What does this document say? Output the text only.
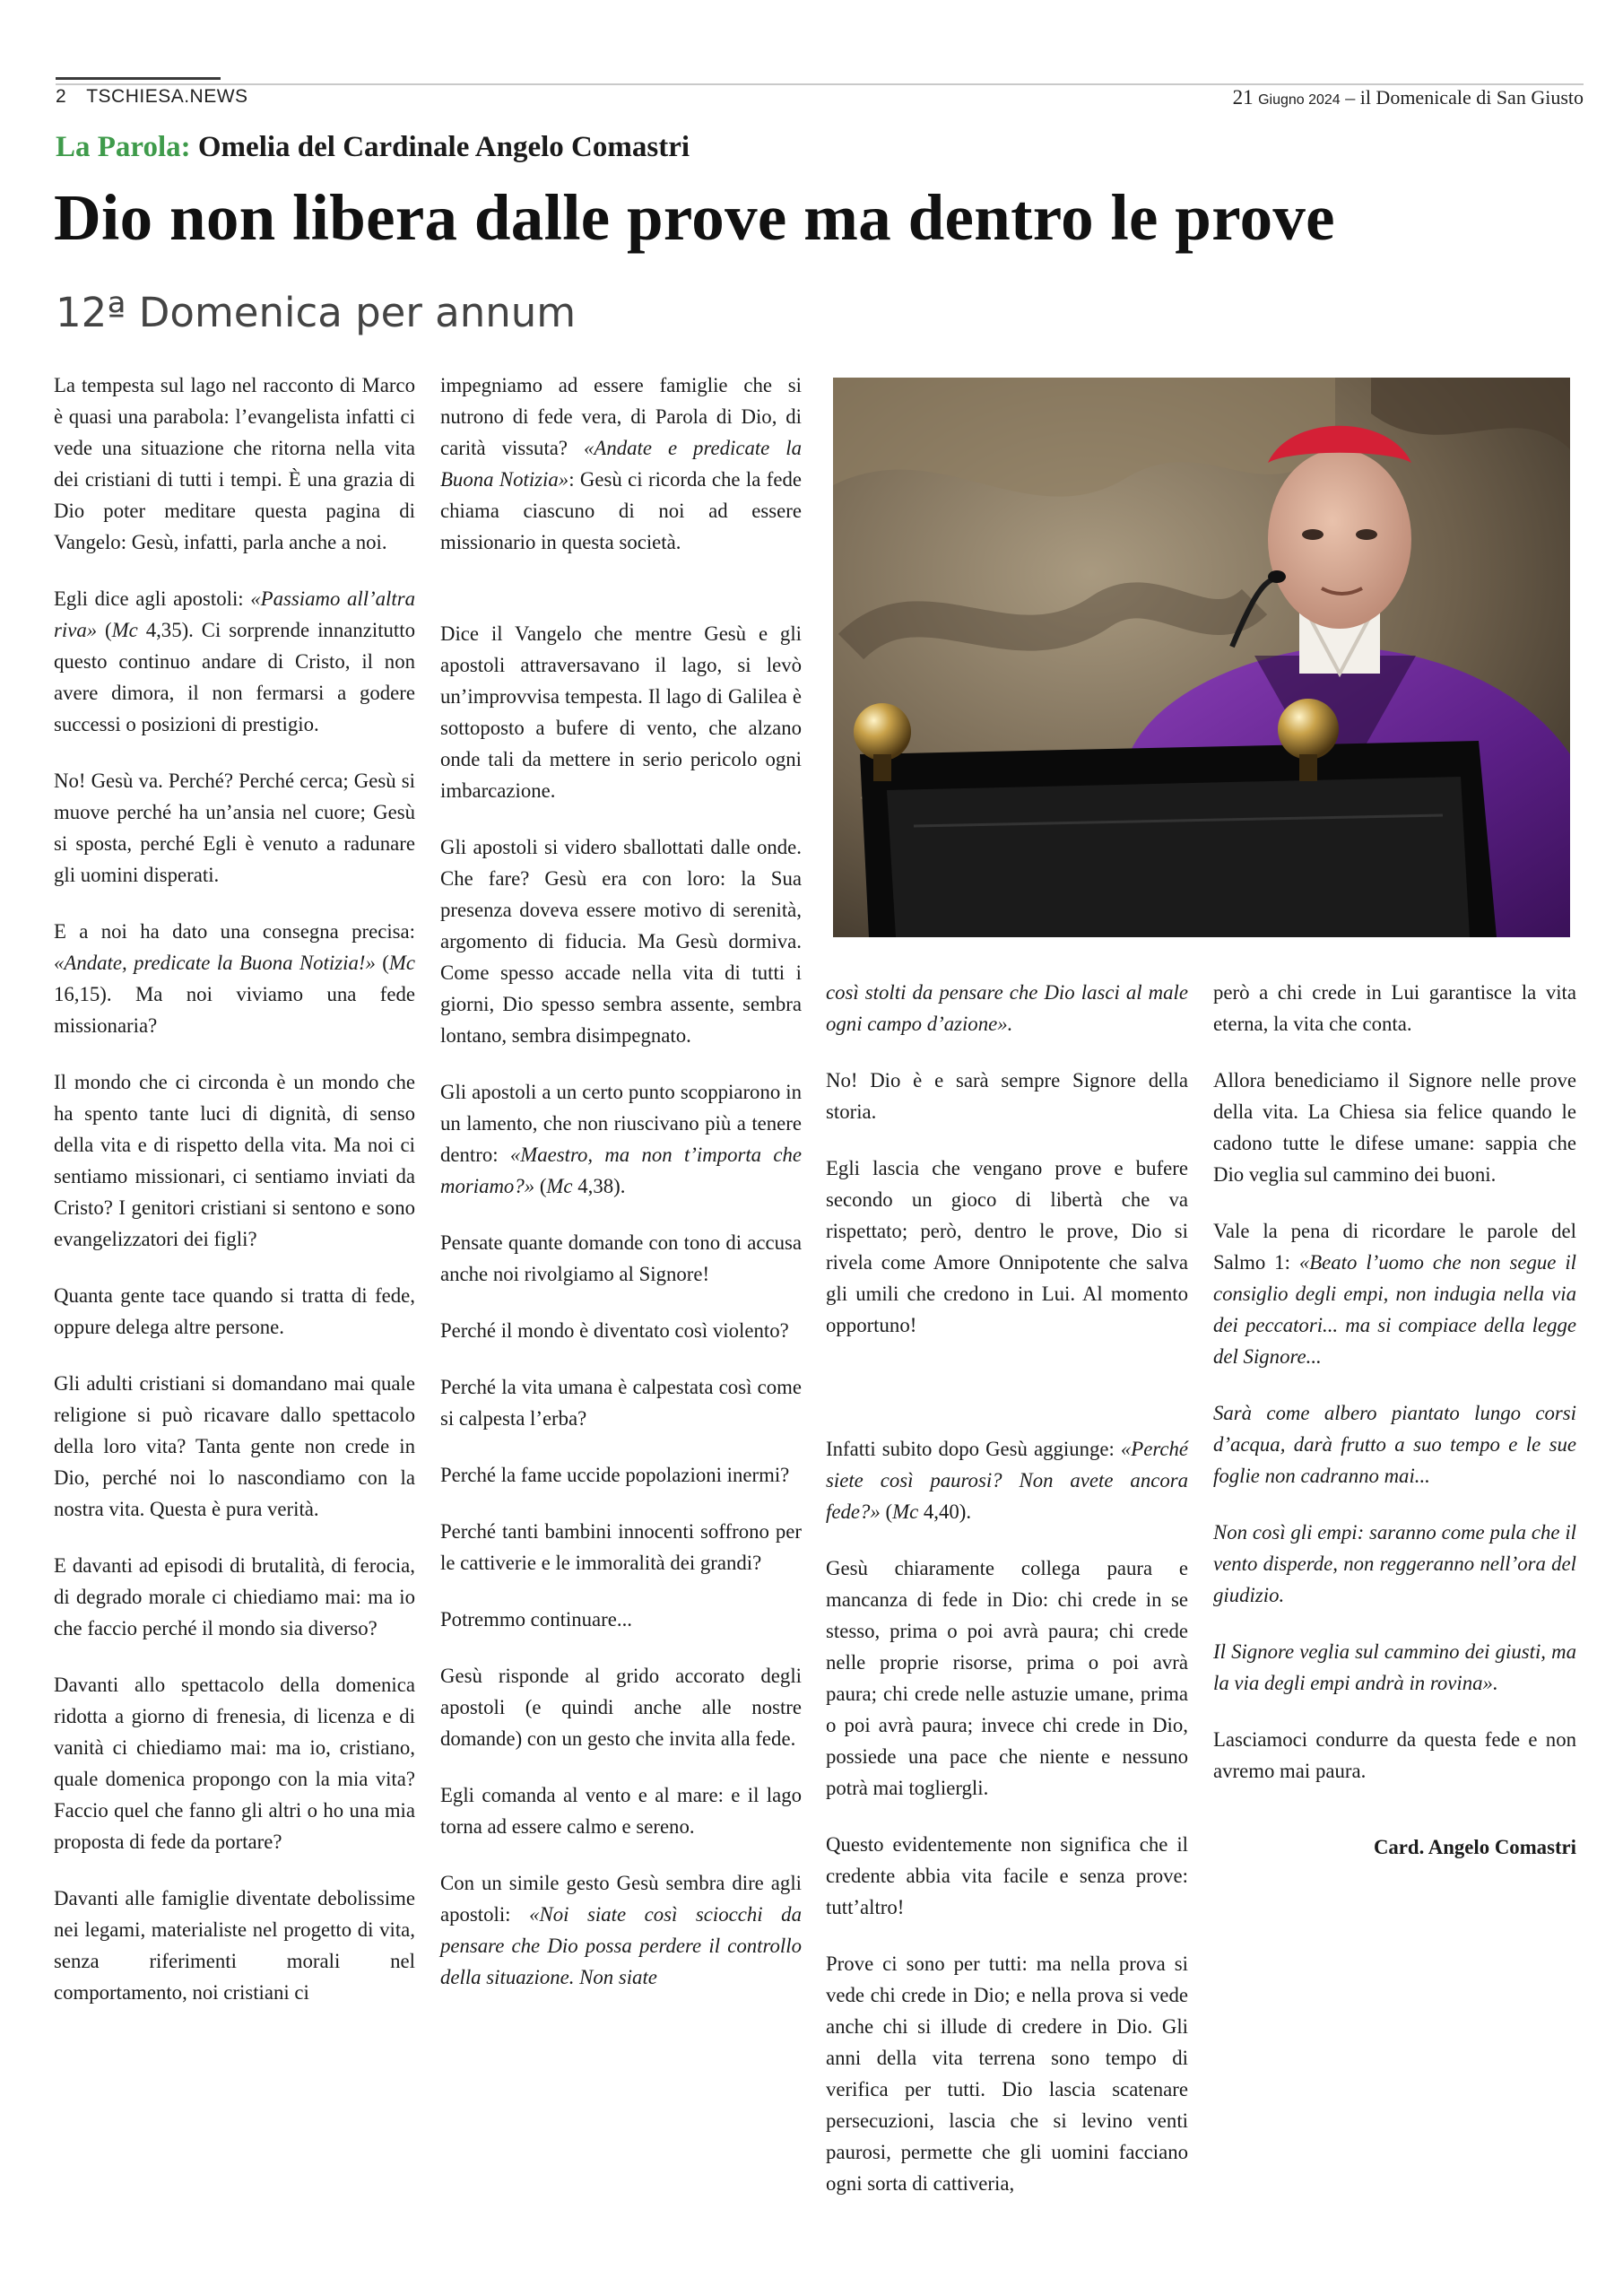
2 TSCHIESA.NEWS	21 Giugno 2024 – il Domenicale di San Giusto
La Parola: Omelia del Cardinale Angelo Comastri
Dio non libera dalle prove ma dentro le prove
12ª Domenica per annum

La tempesta sul lago nel racconto di Marco è quasi una parabola: l’evangelista infatti ci vede una situazione che ritorna nella vita dei cristiani di tutti i tempi. È una grazia di Dio poter meditare questa pagina di Vangelo: Gesù, infatti, parla anche a noi.

Egli dice agli apostoli: «Passiamo all’altra riva» (Mc 4,35). Ci sorprende innanzitutto questo continuo andare di Cristo, il non avere dimora, il non fermarsi a godere successi o posizioni di prestigio.

No! Gesù va. Perché? Perché cerca; Gesù si muove perché ha un’ansia nel cuore; Gesù si sposta, perché Egli è venuto a radunare gli uomini disperati.

E a noi ha dato una consegna precisa: «Andate, predicate la Buona Notizia!» (Mc 16,15). Ma noi viviamo una fede missionaria?

Il mondo che ci circonda è un mondo che ha spento tante luci di dignità, di senso della vita e di rispetto della vita. Ma noi ci sentiamo missionari, ci sentiamo inviati da Cristo? I genitori cristiani si sentono e sono evangelizzatori dei figli?

Quanta gente tace quando si tratta di fede, oppure delega altre persone.

Gli adulti cristiani si domandano mai quale religione si può ricavare dallo spettacolo della loro vita? Tanta gente non crede in Dio, perché noi lo nascondiamo con la nostra vita. Questa è pura verità.

E davanti ad episodi di brutalità, di ferocia, di degrado morale ci chiediamo mai: ma io che faccio perché il mondo sia diverso?

Davanti allo spettacolo della domenica ridotta a giorno di frenesia, di licenza e di vanità ci chiediamo mai: ma io, cristiano, quale domenica propongo con la mia vita? Faccio quel che fanno gli altri o ho una mia proposta di fede da portare?

Davanti alle famiglie diventate debolissime nei legami, materialiste nel progetto di vita, senza riferimenti morali nel comportamento, noi cristiani ci

impegniamo ad essere famiglie che si nutrono di fede vera, di Parola di Dio, di carità vissuta? «Andate e predicate la Buona Notizia»: Gesù ci ricorda che la fede chiama ciascuno di noi ad essere missionario in questa società.

Dice il Vangelo che mentre Gesù e gli apostoli attraversavano il lago, si levò un’improvvisa tempesta. Il lago di Galilea è sottoposto a bufere di vento, che alzano onde tali da mettere in serio pericolo ogni imbarcazione.

Gli apostoli si videro sballottati dalle onde. Che fare? Gesù era con loro: la Sua presenza doveva essere motivo di serenità, argomento di fiducia. Ma Gesù dormiva. Come spesso accade nella vita di tutti i giorni, Dio spesso sembra assente, sembra lontano, sembra disimpegnato.

Gli apostoli a un certo punto scoppiarono in un lamento, che non riuscivano più a tenere dentro: «Maestro, ma non t’importa che moriamo?» (Mc 4,38).

Pensate quante domande con tono di accusa anche noi rivolgiamo al Signore!

Perché il mondo è diventato così violento?

Perché la vita umana è calpestata così come si calpesta l’erba?

Perché la fame uccide popolazioni inermi?

Perché tanti bambini innocenti soffrono per le cattiverie e le immoralità dei grandi?

Potremmo continuare...

Gesù risponde al grido accorato degli apostoli (e quindi anche alle nostre domande) con un gesto che invita alla fede.

Egli comanda al vento e al mare: e il lago torna ad essere calmo e sereno.

Con un simile gesto Gesù sembra dire agli apostoli: «Noi siate così sciocchi da pensare che Dio possa perdere il controllo della situazione. Non siate

così stolti da pensare che Dio lasci al male ogni campo d’azione».

No! Dio è e sarà sempre Signore della storia.

Egli lascia che vengano prove e bufere secondo un gioco di libertà che va rispettato; però, dentro le prove, Dio si rivela come Amore Onnipotente che salva gli umili che credono in Lui. Al momento opportuno!

Infatti subito dopo Gesù aggiunge: «Perché siete così paurosi? Non avete ancora fede?» (Mc 4,40).

Gesù chiaramente collega paura e mancanza di fede in Dio: chi crede in se stesso, prima o poi avrà paura; chi crede nelle proprie risorse, prima o poi avrà paura; chi crede nelle astuzie umane, prima o poi avrà paura; invece chi crede in Dio, possiede una pace che niente e nessuno potrà mai togliergli.

Questo evidentemente non significa che il credente abbia vita facile e senza prove: tutt’altro!

Prove ci sono per tutti: ma nella prova si vede chi crede in Dio; e nella prova si vede anche chi si illude di credere in Dio. Gli anni della vita terrena sono tempo di verifica per tutti. Dio lascia scatenare persecuzioni, lascia che si levino venti paurosi, permette che gli uomini facciano ogni sorta di cattiveria,

però a chi crede in Lui garantisce la vita eterna, la vita che conta.

Allora benediciamo il Signore nelle prove della vita. La Chiesa sia felice quando le cadono tutte le difese umane: sappia che Dio veglia sul cammino dei buoni.

Vale la pena di ricordare le parole del Salmo 1: «Beato l’uomo che non segue il consiglio degli empi, non indugia nella via dei peccatori... ma si compiace della legge del Signore...

Sarà come albero piantato lungo corsi d’acqua, darà frutto a suo tempo e le sue foglie non cadranno mai...

Non così gli empi: saranno come pula che il vento disperde, non reggeranno nell’ora del giudizio.

Il Signore veglia sul cammino dei giusti, ma la via degli empi andrà in rovina».

Lasciamoci condurre da questa fede e non avremo mai paura.

Card. Angelo Comastri
